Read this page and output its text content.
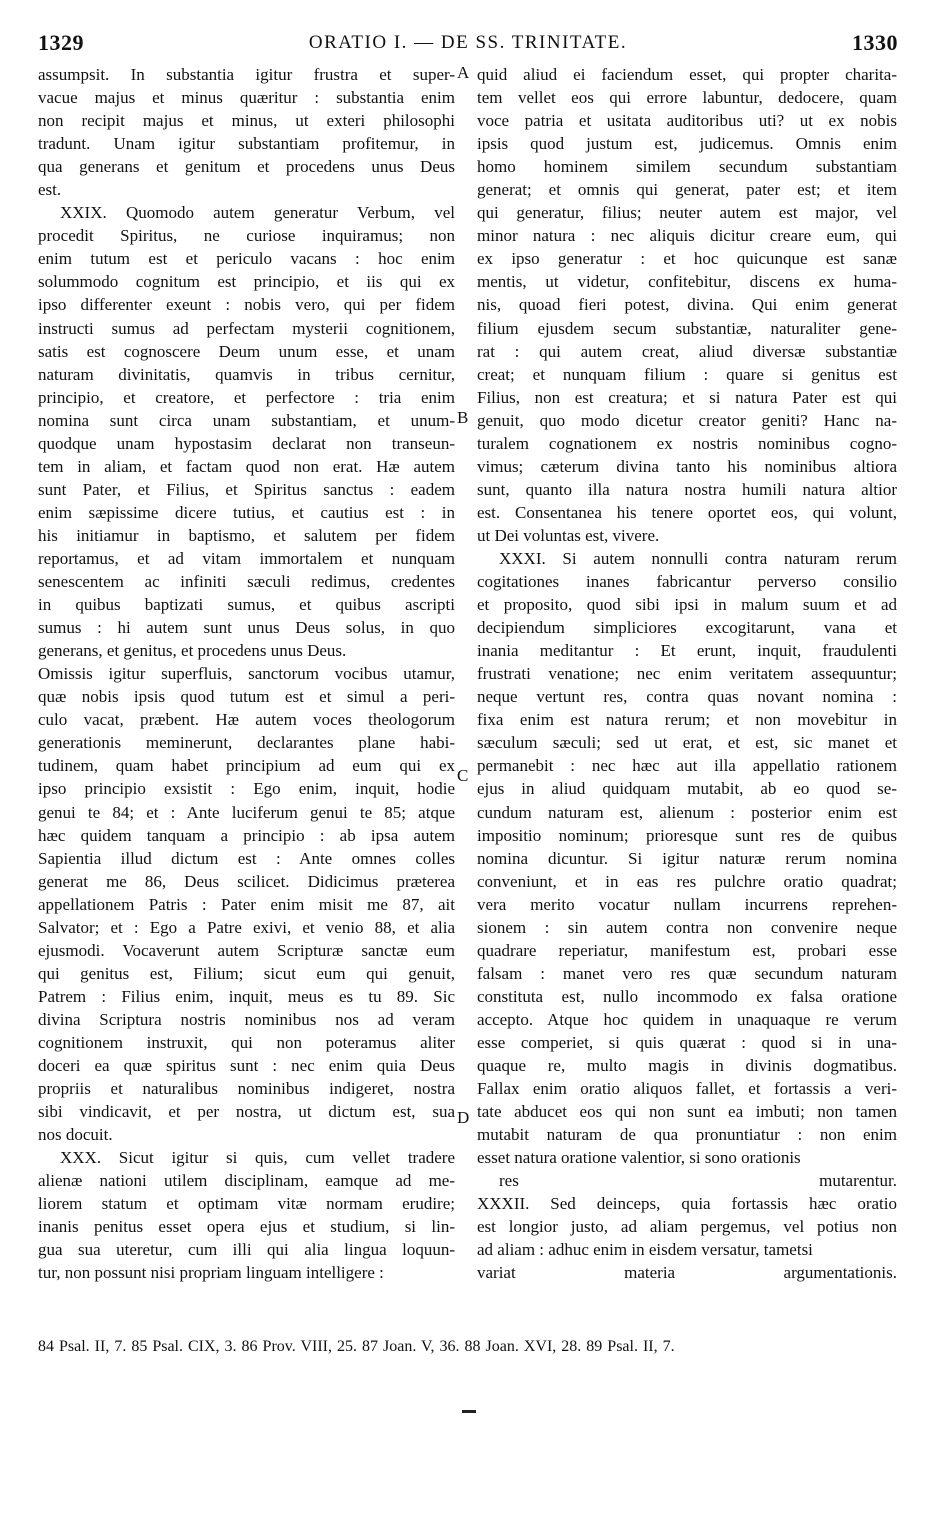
1329	ORATIO I. — DE SS. TRINITATE.	1330
assumpsit. In substantia igitur frustra et super-
vacue majus et minus quæritur : substantia enim
non recipit majus et minus, ut exteri philosophi
tradunt. Unam igitur substantiam profitemur, in
qua generans et genitum et procedens unus Deus
est.
XXIX. Quomodo autem generatur Verbum, vel
procedit Spiritus, ne curiose inquiramus; non
enim tutum est et periculo vacans : hoc enim
solummodo cognitum est principio, et iis qui ex
ipso differenter exeunt : nobis vero, qui per fidem
instructi sumus ad perfectam mysterii cognitionem,
satis est cognoscere Deum unum esse, et unam
naturam divinitatis, quamvis in tribus cernitur,
principio, et creatore, et perfectore : tria enim
nomina sunt circa unam substantiam, et unum-
quodque unam hypostasim declarat non transeun-
tem in aliam, et factam quod non erat. Hæ autem
sunt Pater, et Filius, et Spiritus sanctus : eadem
enim sæpissime dicere tutius, et cautius est : in
his initiamur in baptismo, et salutem per fidem
reportamus, et ad vitam immortalem et nunquam
senescentem ac infiniti sæculi redimus, credentes
in quibus baptizati sumus, et quibus ascripti
sumus : hi autem sunt unus Deus solus, in quo
generans, et genitus, et procedens unus Deus.
Omissis igitur superfluis, sanctorum vocibus utamur,
quæ nobis ipsis quod tutum est et simul a peri-
culo vacat, præbent. Hæ autem voces theologorum
generationis meminerunt, declarantes plane habi-
tudinem, quam habet principium ad eum qui ex
ipso principio exsistit : Ego enim, inquit, hodie
genui te 84; et : Ante luciferum genui te 85; atque
hæc quidem tanquam a principio : ab ipsa autem
Sapientia illud dictum est : Ante omnes colles
generat me 86, Deus scilicet. Didicimus præterea
appellationem Patris : Pater enim misit me 87, ait
Salvator; et : Ego a Patre exivi, et venio 88, et alia
ejusmodi. Vocaverunt autem Scripturæ sanctæ eum
qui genitus est, Filium; sicut eum qui genuit,
Patrem : Filius enim, inquit, meus es tu 89. Sic
divina Scriptura nostris nominibus nos ad veram
cognitionem instruxit, qui non poteramus aliter
doceri ea quæ spiritus sunt : nec enim quia Deus
propriis et naturalibus nominibus indigeret, nostra
sibi vindicavit, et per nostra, ut dictum est, sua
nos docuit.
XXX. Sicut igitur si quis, cum vellet tradere
alienæ nationi utilem disciplinam, eamque ad me-
liorem statum et optimam vitæ normam erudire;
inanis penitus esset opera ejus et studium, si lin-
gua sua uteretur, cum illi qui alia lingua loquun-
tur, non possunt nisi propriam linguam intelligere :
quid aliud ei faciendum esset, qui propter charita-
tem vellet eos qui errore labuntur, dedocere, quam
voce patria et usitata auditoribus uti? ut ex nobis
ipsis quod justum est, judicemus. Omnis enim
homo hominem similem secundum substantiam
generat; et omnis qui generat, pater est; et item
qui generatur, filius; neuter autem est major, vel
minor natura : nec aliquis dicitur creare eum, qui
ex ipso generatur : et hoc quicunque est sanæ
mentis, ut videtur, confitebitur, discens ex huma-
nis, quoad fieri potest, divina. Qui enim generat
filium ejusdem secum substantiæ, naturaliter gene-
rat : qui autem creat, aliud diversæ substantiæ
creat; et nunquam filium : quare si genitus est
Filius, non est creatura; et si natura Pater est qui
genuit, quo modo dicetur creator geniti? Hanc na-
turalem cognationem ex nostris nominibus cogno-
vimus; cæterum divina tanto his nominibus altiora
sunt, quanto illa natura nostra humili natura altior
est. Consentanea his tenere oportet eos, qui volunt,
ut Dei voluntas est, vivere.
XXXI. Si autem nonnulli contra naturam rerum
cogitationes inanes fabricantur perverso consilio
et proposito, quod sibi ipsi in malum suum et ad
decipiendum simpliciores excogitarunt, vana et
inania meditantur : Et erunt, inquit, fraudulenti
frustrati venatione; nec enim veritatem assequuntur;
neque vertunt res, contra quas novant nomina :
fixa enim est natura rerum; et non movebitur in
sæculum sæculi; sed ut erat, et est, sic manet et
permanebit : nec hæc aut illa appellatio rationem
ejus in aliud quidquam mutabit, ab eo quod se-
cundum naturam est, alienum : posterior enim est
impositio nominum; prioresque sunt res de quibus
nomina dicuntur. Si igitur naturæ rerum nomina
conveniunt, et in eas res pulchre oratio quadrat;
vera merito vocatur nullam incurrens reprehen-
sionem : sin autem contra non convenire neque
quadrare reperiatur, manifestum est, probari esse
falsam : manet vero res quæ secundum naturam
constituta est, nullo incommodo ex falsa oratione
accepto. Atque hoc quidem in unaquaque re verum
esse comperiet, si quis quærat : quod si in una-
quaque re, multo magis in divinis dogmatibus.
Fallax enim oratio aliquos fallet, et fortassis a veri-
tate abducet eos qui non sunt ea imbuti; non tamen
mutabit naturam de qua pronuntiatur : non enim
esset natura oratione valentior, si sono orationis
res mutarentur.
XXXII. Sed deinceps, quia fortassis hæc oratio
est longior justo, ad aliam pergemus, vel potius non
ad aliam : adhuc enim in eisdem versatur, tametsi
variat materia argumentationis.
A
B
C
D
84 Psal. II, 7. 85 Psal. CIX, 3. 86 Prov. VIII, 25. 87 Joan. V, 36. 88 Joan. XVI, 28. 89 Psal. II, 7.
